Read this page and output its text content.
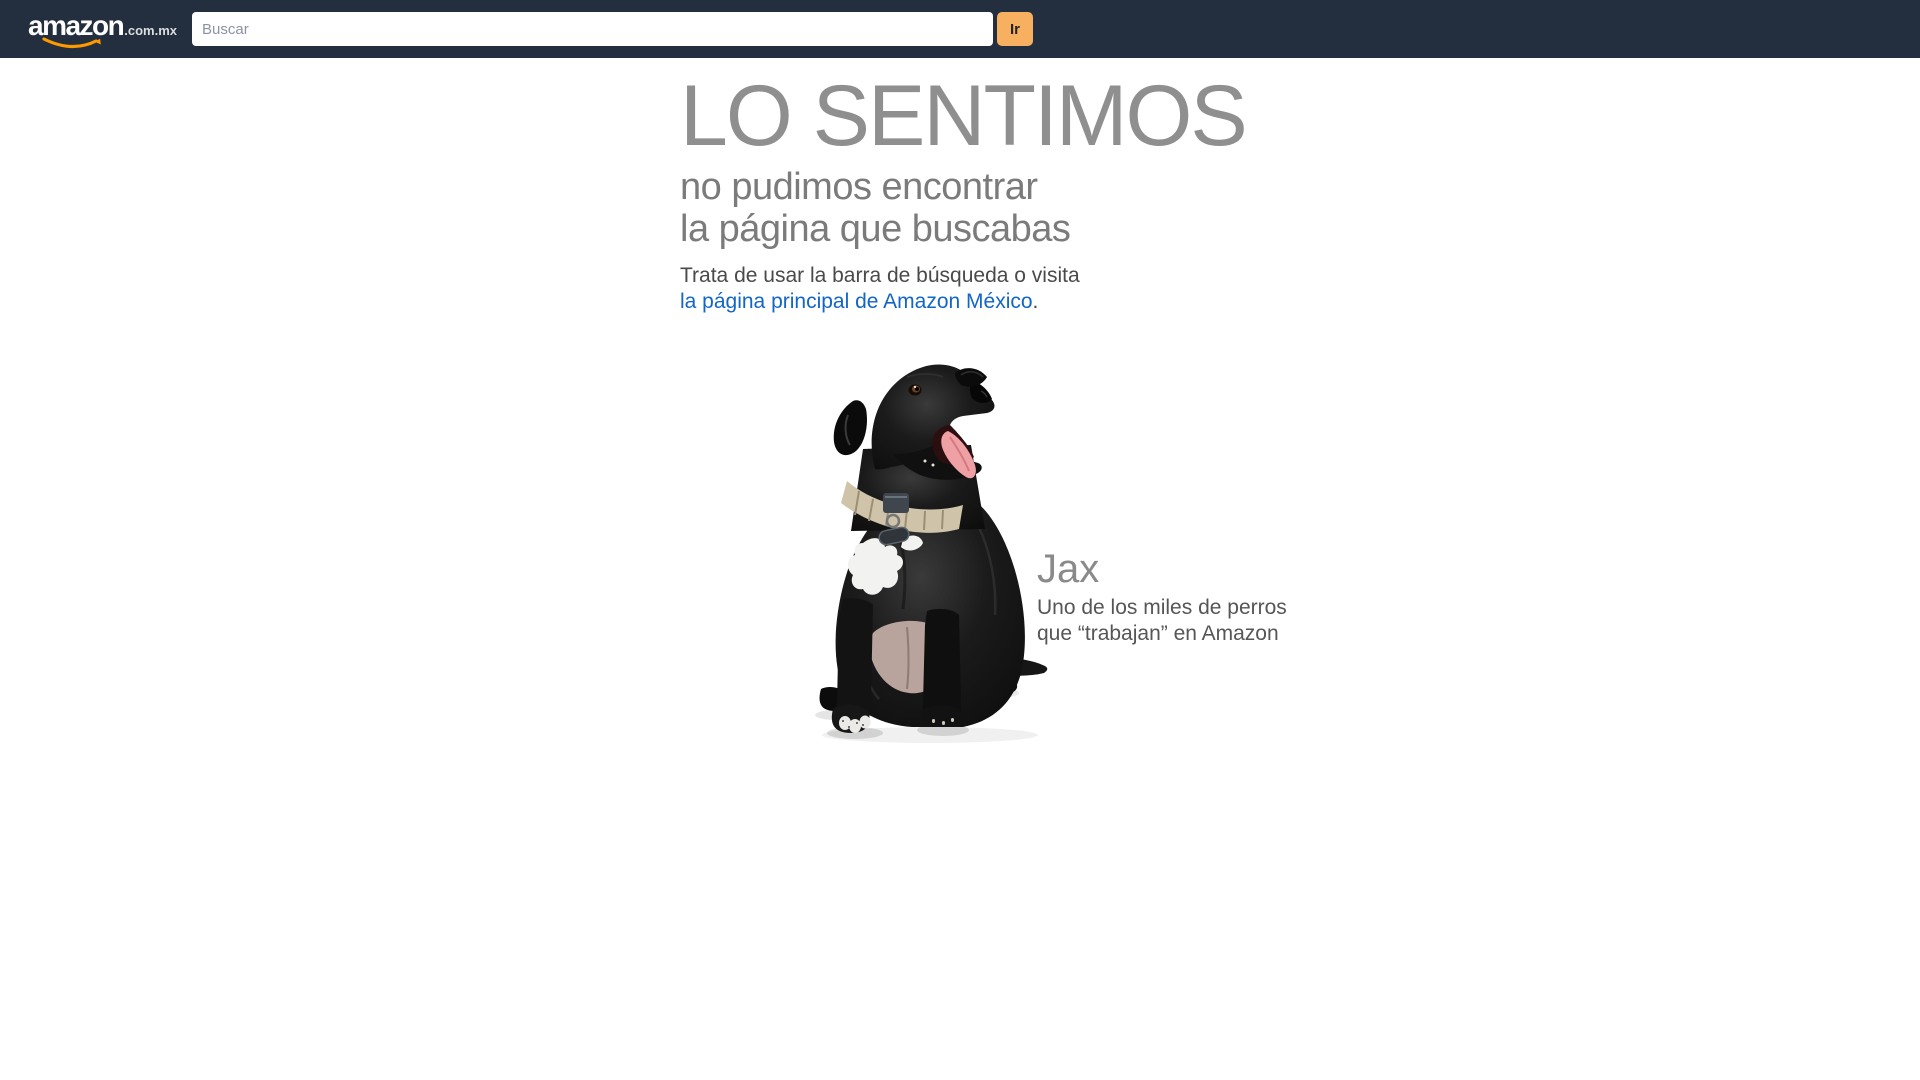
amazon .com.mx
Buscar	Ir
LO SENTIMOS
no pudimos encontrar
la página que buscabas
Trata de usar la barra de búsqueda o visita
la página principal de Amazon México.
Jax
Uno de los miles de perros
que “trabajan” en Amazon
